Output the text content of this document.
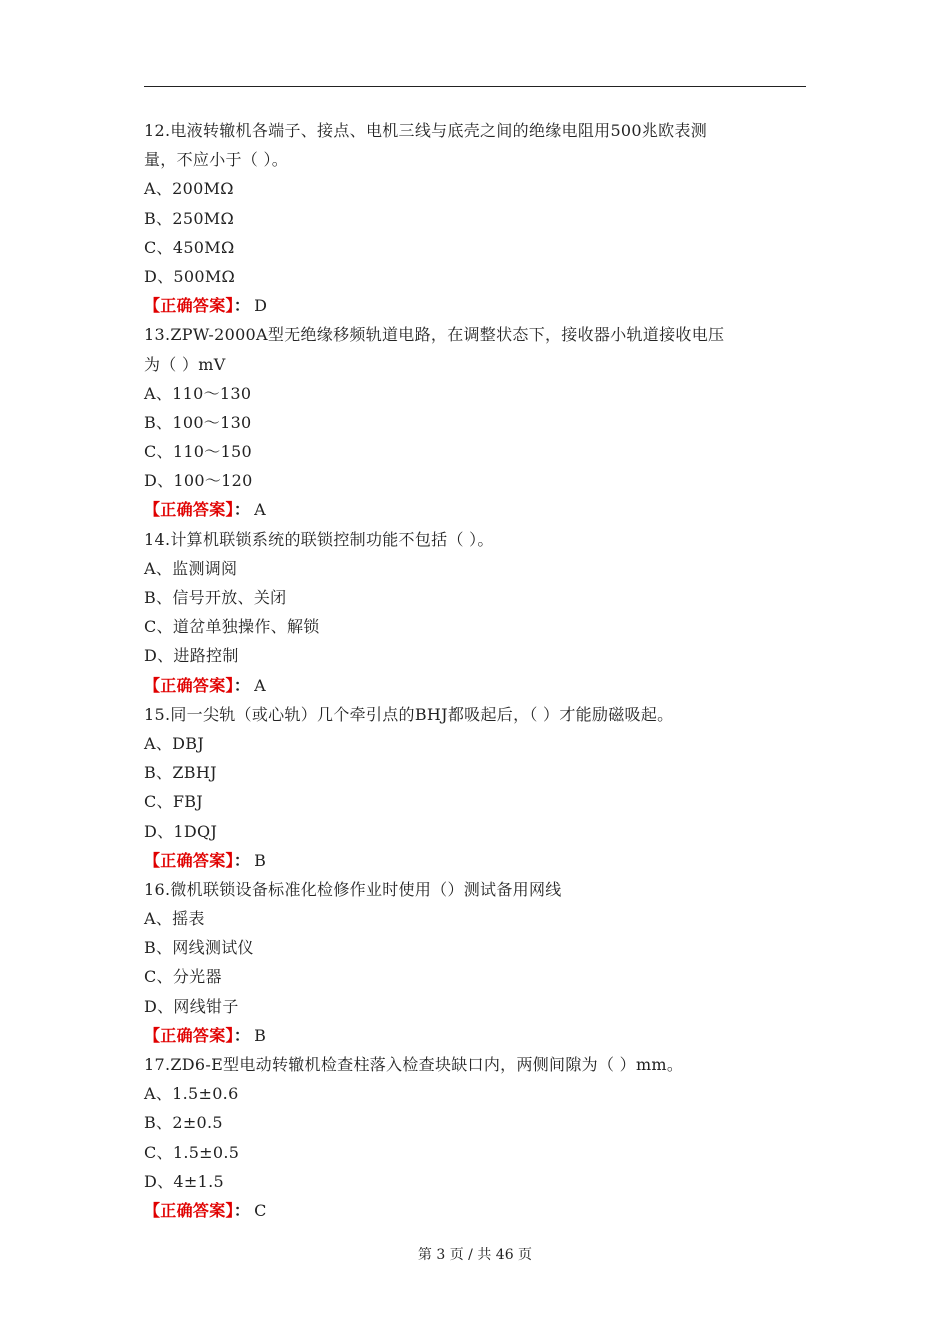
12.电液转辙机各端子、接点、电机三线与底壳之间的绝缘电阻用500兆欧表测
量，不应小于（ ）。
A、200MΩ
B、250MΩ
C、450MΩ
D、500MΩ
【正确答案】： D
13.ZPW-2000A型无绝缘移频轨道电路，在调整状态下，接收器小轨道接收电压
为（ ）mV
A、110～130
B、100～130
C、110～150
D、100～120
【正确答案】： A
14.计算机联锁系统的联锁控制功能不包括（ ）。
A、监测调阅
B、信号开放、关闭
C、道岔单独操作、解锁
D、进路控制
【正确答案】： A
15.同一尖轨（或心轨）几个牵引点的BHJ都吸起后，（ ）才能励磁吸起。
A、DBJ
B、ZBHJ
C、FBJ
D、1DQJ
【正确答案】： B
16.微机联锁设备标准化检修作业时使用（）测试备用网线
A、摇表
B、网线测试仪
C、分光器
D、网线钳子
【正确答案】： B
17.ZD6-E型电动转辙机检查柱落入检查块缺口内，两侧间隙为（ ）mm。
A、1.5±0.6
B、2±0.5
C、1.5±0.5
D、4±1.5
【正确答案】： C
第 3 页 / 共 46 页
